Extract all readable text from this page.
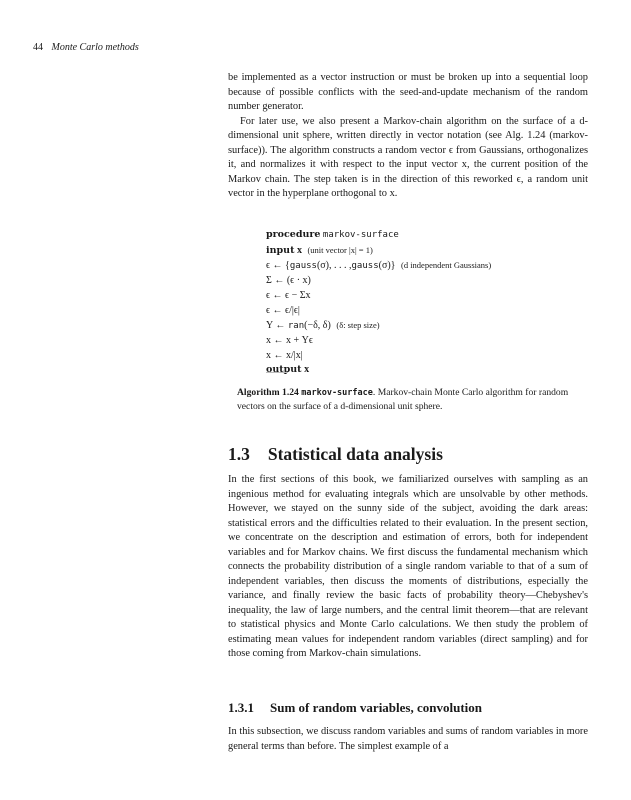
44 Monte Carlo methods

be implemented as a vector instruction or must be broken up into a sequential loop because of possible conflicts with the seed-and-update mechanism of the random number generator.

For later use, we also present a Markov-chain algorithm on the surface of a d-dimensional unit sphere, written directly in vector notation (see Alg. 1.24 (markov-surface)). The algorithm constructs a random vector ϵ from Gaussians, orthogonalizes it, and normalizes it with respect to the input vector x, the current position of the Markov chain. The step taken is in the direction of this reworked ϵ, a random unit vector in the hyperplane orthogonal to x.

procedure markov-surface
input x (unit vector |x| = 1)
ϵ ← {gauss(σ), . . . ,gauss(σ)} (d independent Gaussians)
Σ ← (ϵ · x)
ϵ ← ϵ − Σx
ϵ ← ϵ/|ϵ|
Υ ← ran(−δ, δ) (δ: step size)
x ← x + Υϵ
x ← x/|x|
output x
Algorithm 1.24 markov-surface. Markov-chain Monte Carlo algorithm for random vectors on the surface of a d-dimensional unit sphere.
1.3 Statistical data analysis

In the first sections of this book, we familiarized ourselves with sampling as an ingenious method for evaluating integrals which are unsolvable by other methods. However, we stayed on the sunny side of the subject, avoiding the dark areas: statistical errors and the difficulties related to their evaluation. In the present section, we concentrate on the description and estimation of errors, both for independent variables and for Markov chains. We first discuss the fundamental mechanism which connects the probability distribution of a single random variable to that of a sum of independent variables, then discuss the moments of distributions, especially the variance, and finally review the basic facts of probability theory—Chebyshev's inequality, the law of large numbers, and the central limit theorem—that are relevant to statistical physics and Monte Carlo calculations. We then study the problem of estimating mean values for independent random variables (direct sampling) and for those coming from Markov-chain simulations.

1.3.1 Sum of random variables, convolution

In this subsection, we discuss random variables and sums of random variables in more general terms than before. The simplest example of a
